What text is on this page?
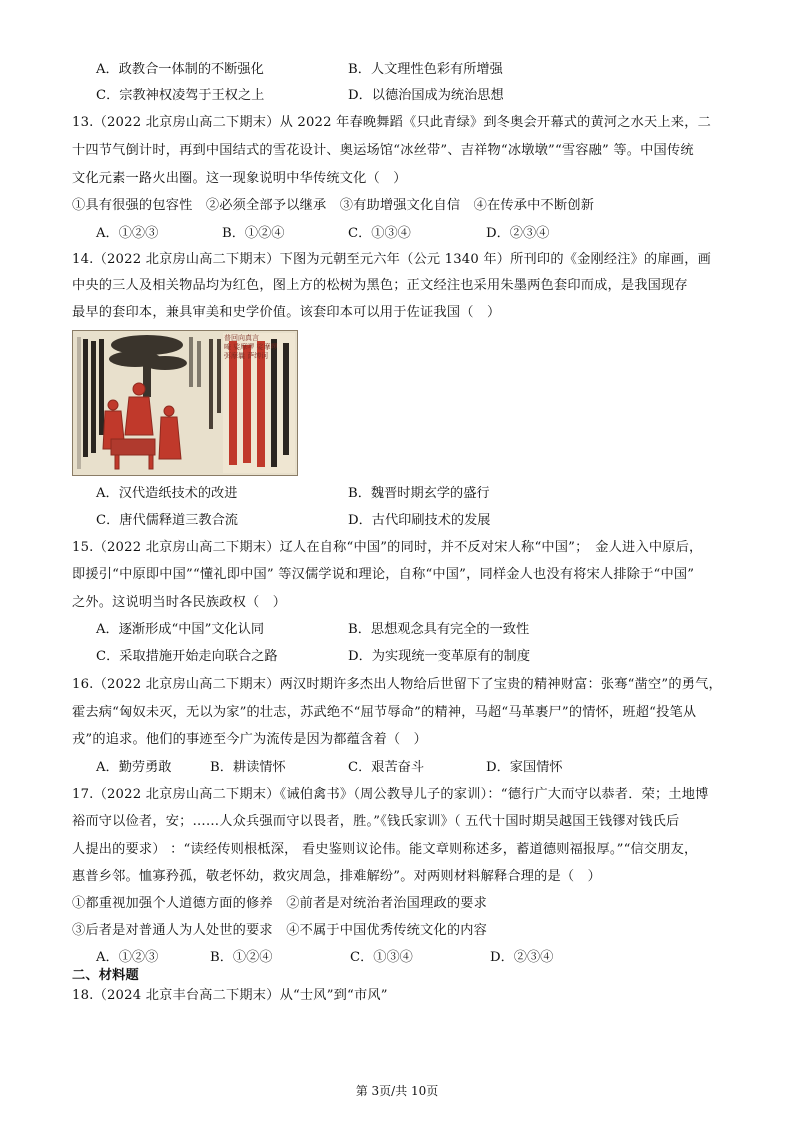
A．政教合一体制的不断强化	B．人文理性色彩有所增强
C．宗教神权凌驾于王权之上	D．以德治国成为统治思想
13.（2022 北京房山高二下期末）从 2022 年春晚舞蹈《只此青绿》到冬奥会开幕式的黄河之水天上来，二
十四节气倒计时，再到中国结式的雪花设计、奥运场馆“冰丝带”、吉祥物“冰墩墩”“雪容融” 等。中国传统
文化元素一路火出圈。这一现象说明中华传统文化（　）
①具有很强的包容性　②必须全部予以继承　③有助增强文化自信　④在传承中不断创新
A．①②③	B．①②④	C．①③④	D．②③④
14.（2022 北京房山高二下期末）下图为元朝至元六年（公元 1340 年）所刊印的《金刚经注》的扉画，画
中央的三人及相关物品均为红色，图上方的松树为黑色；正文经注也采用朱墨两色套印而成，是我国现存
最早的套印本，兼具审美和史学价值。该套印本可以用于佐证我国（　）
A．汉代造纸技术的改进	B．魏晋时期玄学的盛行
C．唐代儒释道三教合流	D．古代印刷技术的发展
15.（2022 北京房山高二下期末）辽人在自称“中国”的同时，并不反对宋人称“中国”；　金人进入中原后，
即援引“中原即中国”“懂礼即中国” 等汉儒学说和理论，自称“中国”，同样金人也没有将宋人排除于“中国”
之外。这说明当时各民族政权（　）
A．逐渐形成“中国”文化认同	B．思想观念具有完全的一致性
C．采取措施开始走向联合之路	D．为实现统一变革原有的制度
16.（2022 北京房山高二下期末）两汉时期许多杰出人物给后世留下了宝贵的精神财富：张骞“凿空”的勇气，
霍去病“匈奴未灭，无以为家”的壮志，苏武绝不“屈节辱命”的精神，马超“马革裹尸”的情怀，班超“投笔从
戎”的追求。他们的事迹至今广为流传是因为都蕴含着（　）
A．勤劳勇敢	B．耕读情怀	C．艰苦奋斗	D．家国情怀
17.（2022 北京房山高二下期末）《诫伯禽书》（周公教导儿子的家训）：“德行广大而守以恭者．荣；土地博
裕而守以俭者，安；……人众兵强而守以畏者，胜。”《钱氏家训》（ 五代十国时期吴越国王钱镠对钱氏后
人提出的要求） ：“读经传则根柢深， 看史鉴则议论伟。能文章则称述多，蓄道德则福报厚。”“信交朋友，
惠普乡邻。恤寡矜孤，敬老怀幼，救灾周急，排难解纷”。对两则材料解释合理的是（　）
①都重视加强个人道德方面的修养　②前者是对统治者治国理政的要求
③后者是对普通人为人处世的要求　④不属于中国优秀传统文化的内容
A．①②③	B．①②④	C．①③④	D．②③④
二、材料题
18.（2024 北京丰台高二下期末）从“士风”到“市风”
普回向真言
唵 娑摩啰 娑摩啰
弭摩曩 萨缚诃
第 3页/共 10页
